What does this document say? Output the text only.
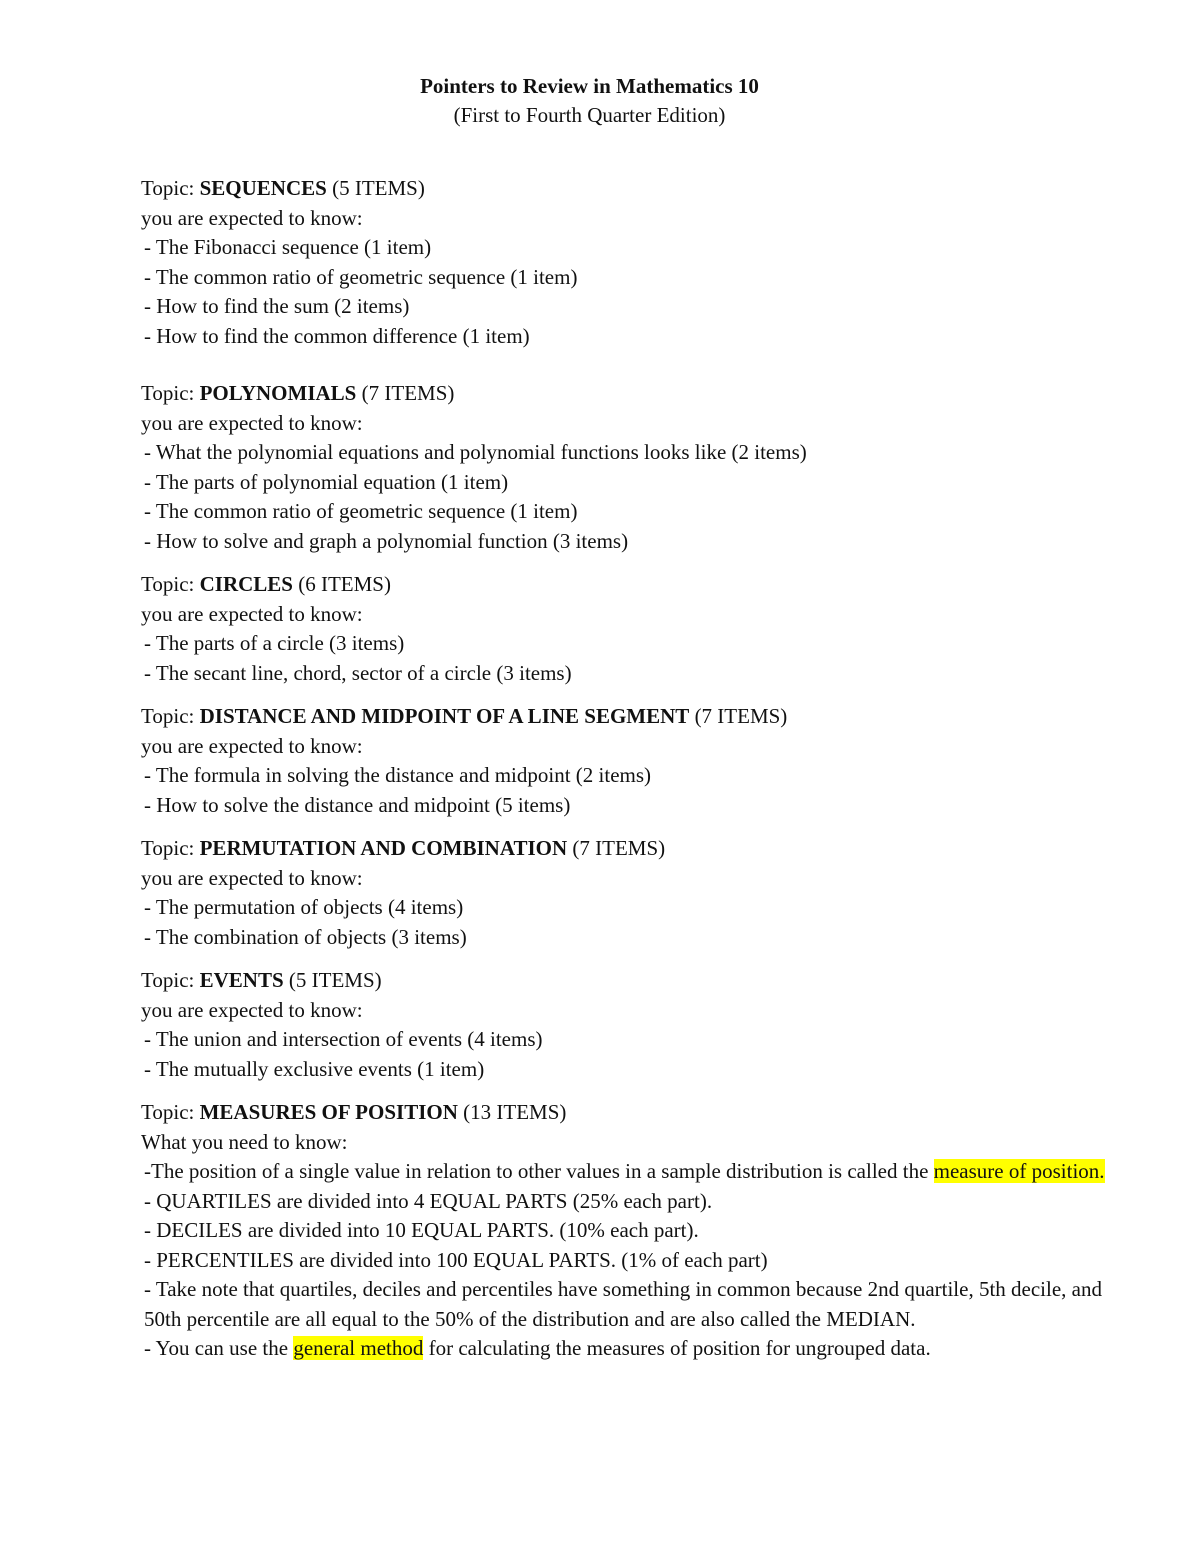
Pointers to Review in Mathematics 10

(First to Fourth Quarter Edition)

Topic: SEQUENCES (5 ITEMS)

you are expected to know:

- The Fibonacci sequence (1 item)

- The common ratio of geometric sequence (1 item)

- How to find the sum (2 items)

- How to find the common difference (1 item)

Topic: POLYNOMIALS (7 ITEMS)

you are expected to know:

- What the polynomial equations and polynomial functions looks like (2 items)

- The parts of polynomial equation (1 item)

- The common ratio of geometric sequence (1 item)

- How to solve and graph a polynomial function (3 items)

Topic: CIRCLES (6 ITEMS)

you are expected to know:

- The parts of a circle (3 items)

- The secant line, chord, sector of a circle (3 items)

Topic: DISTANCE AND MIDPOINT OF A LINE SEGMENT (7 ITEMS)

you are expected to know:

- The formula in solving the distance and midpoint (2 items)

- How to solve the distance and midpoint (5 items)

Topic: PERMUTATION AND COMBINATION (7 ITEMS)

you are expected to know:

- The permutation of objects (4 items)

- The combination of objects (3 items)

Topic: EVENTS (5 ITEMS)

you are expected to know:

- The union and intersection of events (4 items)

- The mutually exclusive events (1 item)

Topic: MEASURES OF POSITION (13 ITEMS)

What you need to know:

-The position of a single value in relation to other values in a sample distribution is called the measure of position.

- QUARTILES are divided into 4 EQUAL PARTS (25% each part).

- DECILES are divided into 10 EQUAL PARTS. (10% each part).

- PERCENTILES are divided into 100 EQUAL PARTS. (1% of each part)

- Take note that quartiles, deciles and percentiles have something in common because 2nd quartile, 5th decile, and 50th percentile are all equal to the 50% of the distribution and are also called the MEDIAN.

- You can use the general method for calculating the measures of position for ungrouped data.
